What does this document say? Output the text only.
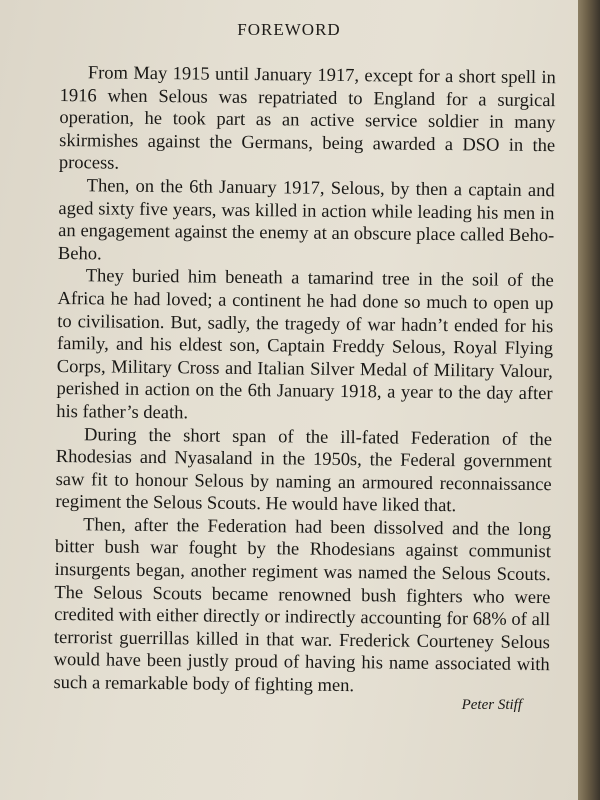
FOREWORD

From May 1915 until January 1917, except for a short spell in 1916 when Selous was repatriated to England for a surgical operation, he took part as an active service soldier in many skirmishes against the Germans, being awarded a DSO in the process.

Then, on the 6th January 1917, Selous, by then a captain and aged sixty five years, was killed in action while leading his men in an engagement against the enemy at an obscure place called Beho-Beho.

They buried him beneath a tamarind tree in the soil of the Africa he had loved; a continent he had done so much to open up to civilisation. But, sadly, the tragedy of war hadn’t ended for his family, and his eldest son, Captain Freddy Selous, Royal Flying Corps, Military Cross and Italian Silver Medal of Military Valour, perished in action on the 6th January 1918, a year to the day after his father’s death.

During the short span of the ill-fated Federation of the Rhodesias and Nyasaland in the 1950s, the Federal government saw fit to honour Selous by naming an armoured reconnaissance regiment the Selous Scouts. He would have liked that.

Then, after the Federation had been dissolved and the long bitter bush war fought by the Rhodesians against communist insurgents began, another regiment was named the Selous Scouts. The Selous Scouts became renowned bush fighters who were credited with either directly or indirectly accounting for 68% of all terrorist guerrillas killed in that war. Frederick Courteney Selous would have been justly proud of having his name associated with such a remarkable body of fighting men.

Peter Stiff
